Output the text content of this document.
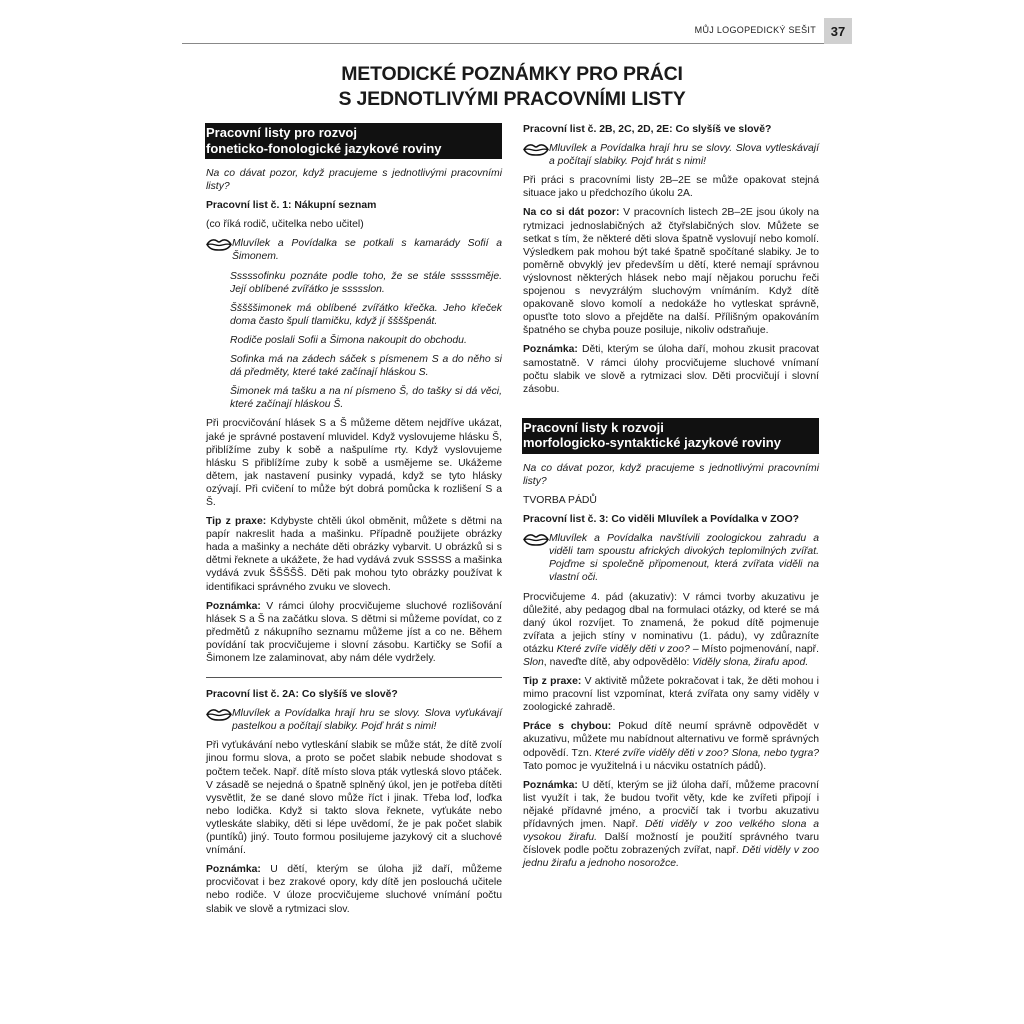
MŮJ LOGOPEDICKÝ SEŠIT	37
METODICKÉ POZNÁMKY PRO PRÁCI
S JEDNOTLIVÝMI PRACOVNÍMI LISTY
Pracovní listy pro rozvoj
foneticko-fonologické jazykové roviny

Na co dávat pozor, když pracujeme s jednotlivými pracovními listy?

Pracovní list č. 1: Nákupní seznam

(co říká rodič, učitelka nebo učitel)

Mluvílek a Povídalka se potkali s kamarády Sofií a Šimonem.

Sssssofinku poznáte podle toho, že se stále sssssměje. Její oblíbené zvířátko je ssssslon.

Šššššimonek má oblíbené zvířátko křečka. Jeho křeček doma často špulí tlamičku, když jí ššššpenát.

Rodiče poslali Sofii a Šimona nakoupit do obchodu.

Sofinka má na zádech sáček s písmenem S a do něho si dá předměty, které také začínají hláskou S.

Šimonek má tašku a na ní písmeno Š, do tašky si dá věci, které začínají hláskou Š.

Při procvičování hlásek S a Š můžeme dětem nejdříve ukázat, jaké je správné postavení mluvidel. Když vyslovujeme hlásku Š, přiblížíme zuby k sobě a našpulíme rty. Když vyslovujeme hlásku S přiblížíme zuby k sobě a usmějeme se. Ukážeme dětem, jak nastavení pusinky vypadá, když se tyto hlásky ozývají. Při cvičení to může být dobrá pomůcka k rozlišení S a Š.

Tip z praxe: Kdybyste chtěli úkol obměnit, můžete s dětmi na papír nakreslit hada a mašinku. Případně použijete obrázky hada a mašinky a necháte děti obrázky vybarvit. U obrázků si s dětmi řeknete a ukážete, že had vydává zvuk SSSSS a mašinka vydává zvuk ŠŠŠŠŠ. Děti pak mohou tyto obrázky používat k identifikaci správného zvuku ve slovech.

Poznámka: V rámci úlohy procvičujeme sluchové rozlišování hlásek S a Š na začátku slova. S dětmi si můžeme povídat, co z předmětů z nákupního seznamu můžeme jíst a co ne. Během povídání tak procvičujeme i slovní zásobu. Kartičky se Sofií a Šimonem lze zalaminovat, aby nám déle vydržely.

Pracovní list č. 2A: Co slyšíš ve slově?

Mluvílek a Povídalka hrají hru se slovy. Slova vyťukávají pastelkou a počítají slabiky. Pojď hrát s nimi!

Při vyťukávání nebo vytleskání slabik se může stát, že dítě zvolí jinou formu slova, a proto se počet slabik nebude shodovat s počtem teček. Např. dítě místo slova pták vytleská slovo ptáček. V zásadě se nejedná o špatně splněný úkol, jen je potřeba dítěti vysvětlit, že se dané slovo může říct i jinak. Třeba loď, loďka nebo lodička. Když si takto slova řeknete, vyťukáte nebo vytleskáte slabiky, děti si lépe uvědomí, že je pak počet slabik (puntíků) jiný. Touto formou posilujeme jazykový cit a sluchové vnímání.

Poznámka: U dětí, kterým se úloha již daří, můžeme procvičovat i bez zrakové opory, kdy dítě jen poslouchá učitele nebo rodiče. V úloze procvičujeme sluchové vnímání počtu slabik ve slově a rytmizaci slov.

Pracovní list č. 2B, 2C, 2D, 2E: Co slyšíš ve slově?

Mluvílek a Povídalka hrají hru se slovy. Slova vytleskávají a počítají slabiky. Pojď hrát s nimi!

Při práci s pracovními listy 2B–2E se může opakovat stejná situace jako u předchozího úkolu 2A.

Na co si dát pozor: V pracovních listech 2B–2E jsou úkoly na rytmizaci jednoslabičných až čtyřslabičných slov. Můžete se setkat s tím, že některé děti slova špatně vyslovují nebo komolí. Výsledkem pak mohou být také špatně spočítané slabiky. Je to poměrně obvyklý jev především u dětí, které nemají správnou výslovnost některých hlásek nebo mají nějakou poruchu řeči spojenou s nevyzrálým sluchovým vnímáním. Když dítě opakovaně slovo komolí a nedokáže ho vytleskat správně, opusťte toto slovo a přejděte na další. Přílišným opakováním špatného se chyba pouze posiluje, nikoliv odstraňuje.

Poznámka: Děti, kterým se úloha daří, mohou zkusit pracovat samostatně. V rámci úlohy procvičujeme sluchové vnímaní počtu slabik ve slově a rytmizaci slov. Děti procvičují i slovní zásobu.

Pracovní listy k rozvoji
morfologicko-syntaktické jazykové roviny

Na co dávat pozor, když pracujeme s jednotlivými pracovními listy?

TVORBA PÁDŮ

Pracovní list č. 3: Co viděli Mluvílek a Povídalka v ZOO?

Mluvílek a Povídalka navštívili zoologickou zahradu a viděli tam spoustu afrických divokých teplomilných zvířat. Pojďme si společně připomenout, která zvířata viděli na vlastní oči.

Procvičujeme 4. pád (akuzativ): V rámci tvorby akuzativu je důležité, aby pedagog dbal na formulaci otázky, od které se má daný úkol rozvíjet. To znamená, že pokud dítě pojmenuje zvířata a jejich stíny v nominativu (1. pádu), vy zdůrazníte otázku Které zvíře viděly děti v zoo? – Místo pojmenování, např. Slon, naveďte dítě, aby odpovědělo: Viděly slona, žirafu apod.

Tip z praxe: V aktivitě můžete pokračovat i tak, že děti mohou i mimo pracovní list vzpomínat, která zvířata ony samy viděly v zoologické zahradě.

Práce s chybou: Pokud dítě neumí správně odpovědět v akuzativu, můžete mu nabídnout alternativu ve formě správných odpovědí. Tzn. Které zvíře viděly děti v zoo? Slona, nebo tygra? Tato pomoc je využitelná i u nácviku ostatních pádů).

Poznámka: U dětí, kterým se již úloha daří, můžeme pracovní list využít i tak, že budou tvořit věty, kde ke zvířeti připojí i nějaké přídavné jméno, a procvičí tak i tvorbu akuzativu přídavných jmen. Např. Děti viděly v zoo velkého slona a vysokou žirafu. Další možností je použití správného tvaru číslovek podle počtu zobrazených zvířat, např. Děti viděly v zoo jednu žirafu a jednoho nosorožce.
